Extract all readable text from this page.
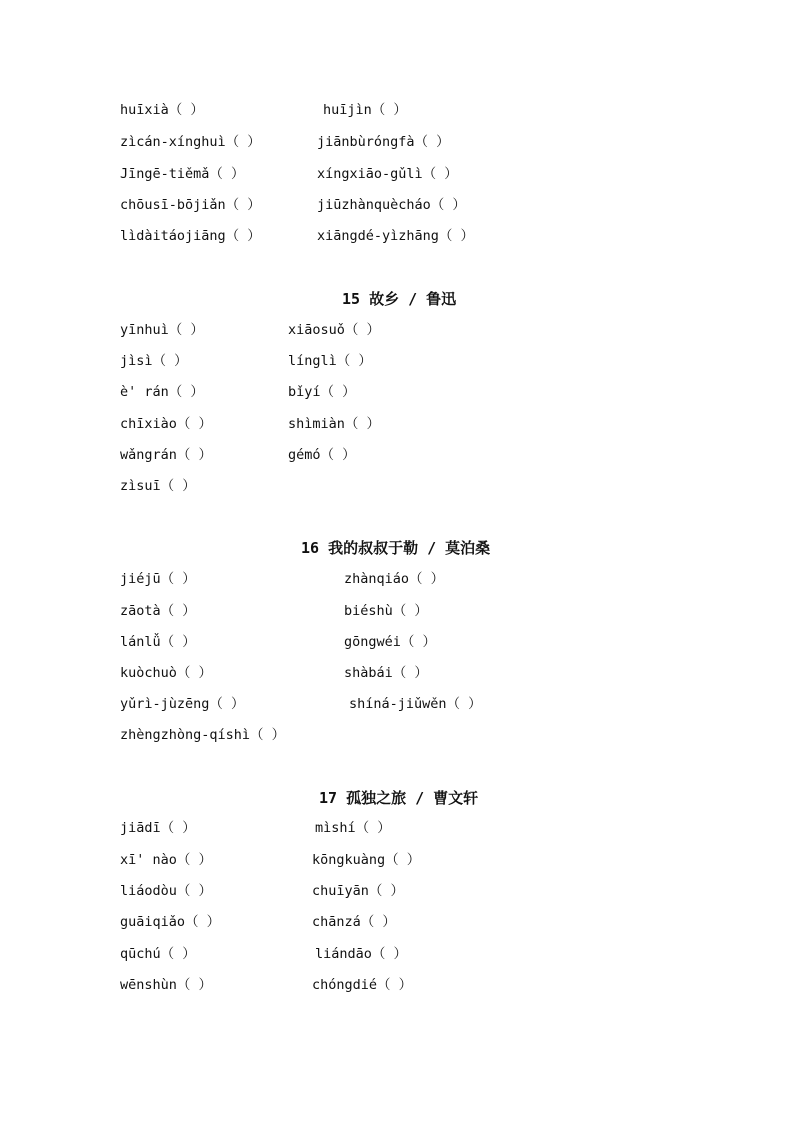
huīxià（ ）	huījìn（ ）
zìcán-xínghuì（ ）	jiānbùróngfà（ ）
Jīngē-tiěmǎ（ ）	xíngxiāo-gǔlì（ ）
chōusī-bōjiǎn（ ）	jiūzhànquècháo（ ）
lìdàitáojiāng（ ）	xiāngdé-yìzhāng（ ）
15 故乡 / 鲁迅
yīnhuì（ ）	xiāosuǒ（ ）
jìsì（ ）	línglì（ ）
è' rán（ ）	bǐyí（ ）
chīxiào（ ）	shìmiàn（ ）
wǎngrán（ ）	gémó（ ）
zìsuī（ ）
16 我的叔叔于勒 / 莫泊桑
jiéjū（ ）	zhànqiáo（ ）
zāotà（ ）	biéshù（ ）
lánlǚ（ ）	gōngwéi（ ）
kuòchuò（ ）	shàbái（ ）
yǔrì-jùzēng（ ）	shíná-jiǔwěn（ ）
zhèngzhòng-qíshì（ ）
17 孤独之旅 / 曹文轩
jiādī（ ）	mìshí（ ）
xī' nào（ ）	kōngkuàng（ ）
liáodòu（ ）	chuīyān（ ）
guāiqiǎo（ ）	chānzá（ ）
qūchú（ ）	liándāo（ ）
wēnshùn（ ）	chóngdié（ ）
